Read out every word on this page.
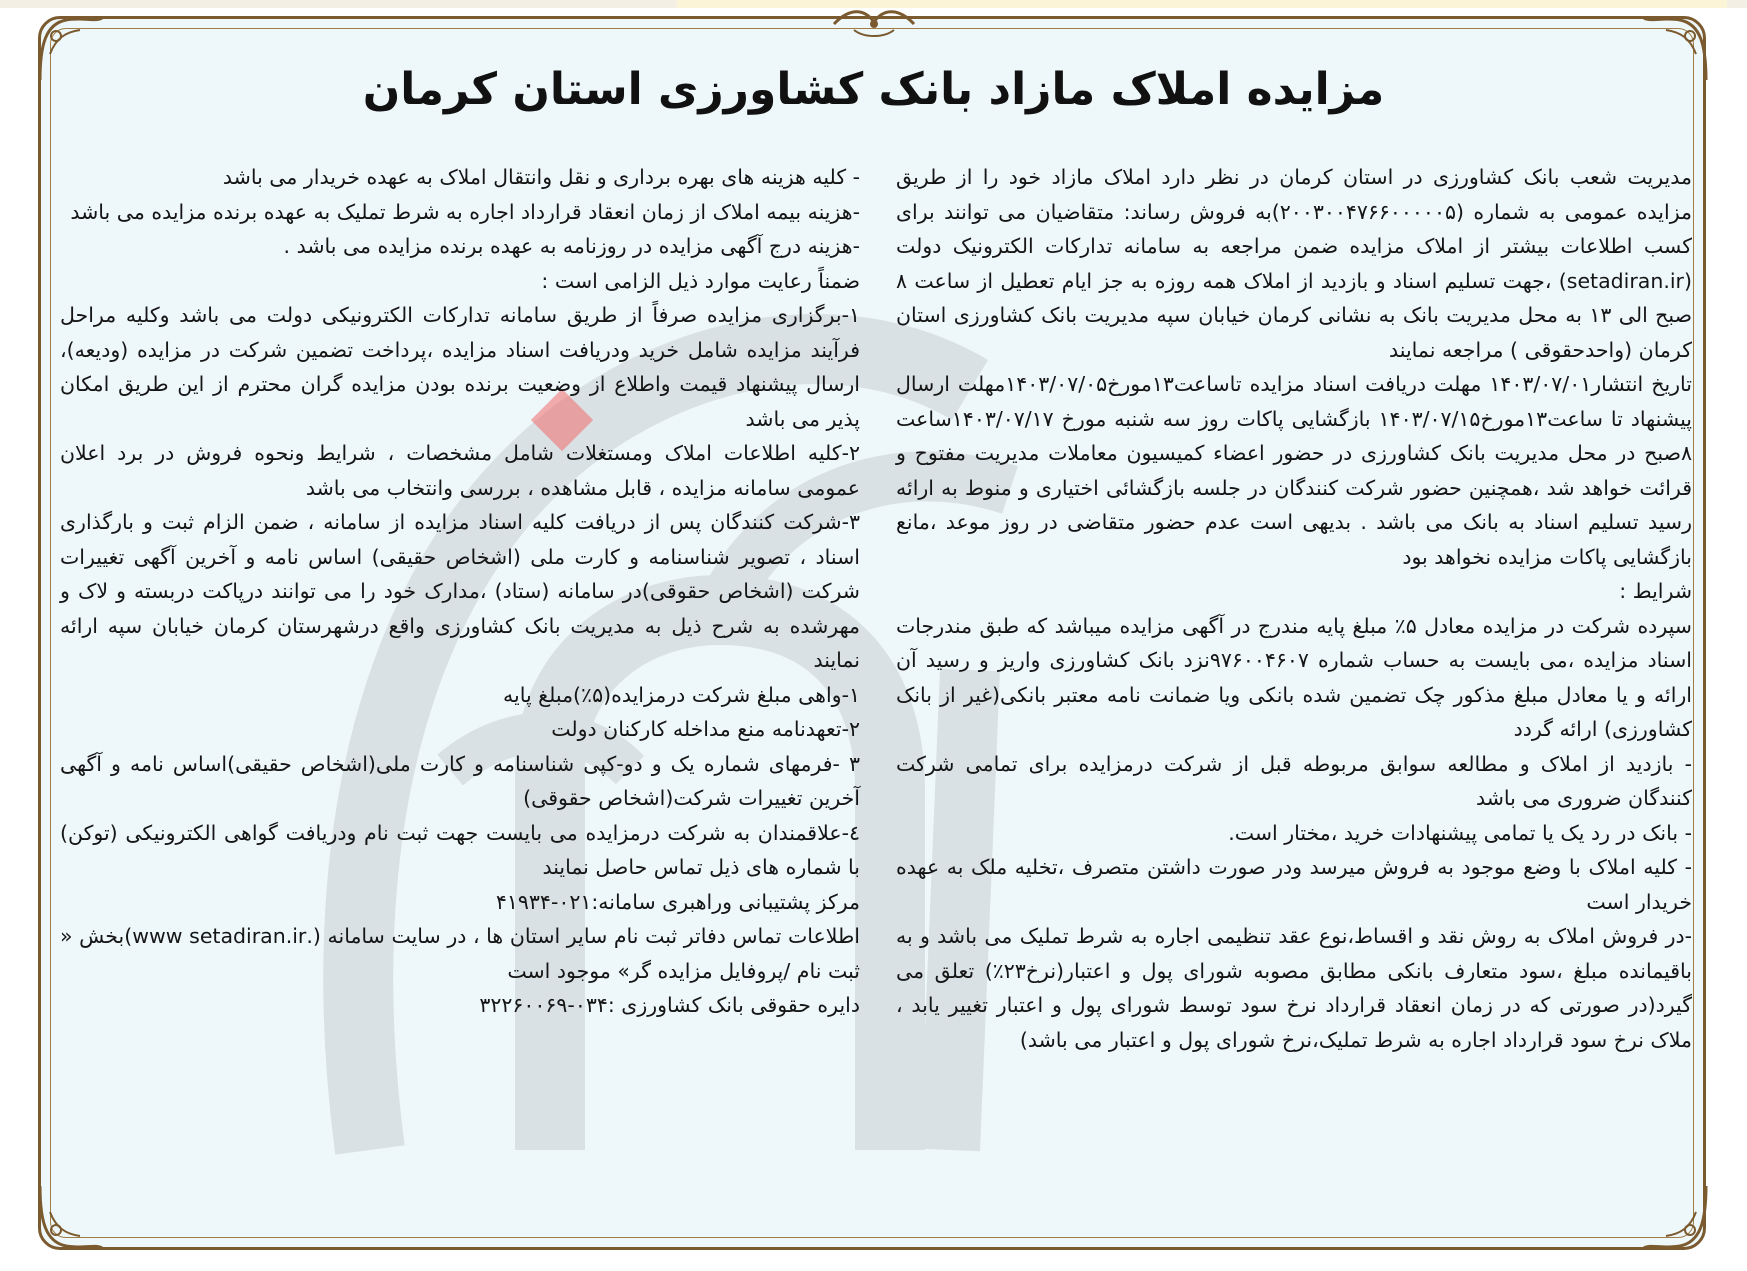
مزایده املاک مازاد بانک کشاورزی استان کرمان

مدیریت شعب بانک کشاورزی در استان کرمان در نظر دارد املاک مازاد خود را از طریق مزایده عمومی به شماره (۲۰۰۳۰۰۴۷۶۶۰۰۰۰۰۵)به فروش رساند: متقاضیان می توانند برای کسب اطلاعات بیشتر از املاک مزایده ضمن مراجعه به سامانه تدارکات الکترونیک دولت (setadiran.ir) ،جهت تسلیم اسناد و بازدید از املاک همه روزه به جز ایام تعطیل از ساعت ۸ صبح الی ۱۳ به محل مدیریت بانک به نشانی کرمان خیابان سپه مدیریت بانک کشاورزی استان کرمان (واحدحقوقی ) مراجعه نمایند

تاریخ انتشار۱۴۰۳/۰۷/۰۱ مهلت دریافت اسناد مزایده تاساعت۱۳مورخ۱۴۰۳/۰۷/۰۵مهلت ارسال پیشنهاد تا ساعت۱۳مورخ۱۴۰۳/۰۷/۱۵ بازگشایی پاکات روز سه شنبه مورخ ۱۴۰۳/۰۷/۱۷ساعت ۸صبح در محل مدیریت بانک کشاورزی در حضور اعضاء کمیسیون معاملات مدیریت مفتوح و قرائت خواهد شد ،همچنین حضور شرکت کنندگان در جلسه بازگشائی اختیاری و منوط به ارائه رسید تسلیم اسناد به بانک می باشد . بدیهی است عدم حضور متقاضی در روز موعد ،مانع بازگشایی پاکات مزایده نخواهد بود

شرایط :

سپرده شرکت در مزایده معادل ۵٪ مبلغ پایه مندرج در آگهی مزایده میباشد که طبق مندرجات اسناد مزایده ،می بایست به حساب شماره ۹۷۶۰۰۴۶۰۷نزد بانک کشاورزی واریز و رسید آن ارائه و یا معادل مبلغ مذکور چک تضمین شده بانکی ویا ضمانت نامه معتبر بانکی(غیر از بانک کشاورزی) ارائه گردد

- بازدید از املاک و مطالعه سوابق مربوطه قبل از شرکت درمزایده برای تمامی شرکت کنندگان ضروری می باشد

- بانک در رد یک یا تمامی پیشنهادات خرید ،مختار است.

- کلیه املاک با وضع موجود به فروش میرسد ودر صورت داشتن متصرف ،تخلیه ملک به عهده خریدار است

-در فروش املاک به روش نقد و اقساط،نوع عقد تنظیمی اجاره به شرط تملیک می باشد و به باقیمانده مبلغ ،سود متعارف بانکی مطابق مصوبه شورای پول و اعتبار(نرخ۲۳٪) تعلق می گیرد(در صورتی که در زمان انعقاد قرارداد نرخ سود توسط شورای پول و اعتبار تغییر یابد ، ملاک نرخ سود قرارداد اجاره به شرط تملیک،نرخ شورای پول و اعتبار می باشد)

- کلیه هزینه های بهره برداری و نقل وانتقال املاک به عهده خریدار می باشد

-هزینه بیمه املاک از زمان انعقاد قرارداد اجاره به شرط تملیک به عهده برنده مزایده می باشد

-هزینه درج آگهی مزایده در روزنامه به عهده برنده مزایده می باشد .

ضمناً رعایت موارد ذیل الزامی است :

۱-برگزاری مزایده صرفاً از طریق سامانه تدارکات الکترونیکی دولت می باشد وکلیه مراحل فرآیند مزایده شامل خرید ودریافت اسناد مزایده ،پرداخت تضمین شرکت در مزایده (ودیعه)، ارسال پیشنهاد قیمت واطلاع از وضعیت برنده بودن مزایده گران محترم از این طریق امکان پذیر می باشد

۲-کلیه اطلاعات املاک ومستغلات شامل مشخصات ، شرایط ونحوه فروش در برد اعلان عمومی سامانه مزایده ، قابل مشاهده ، بررسی وانتخاب می باشد

۳-شرکت کنندگان پس از دریافت کلیه اسناد مزایده از سامانه ، ضمن الزام ثبت و بارگذاری اسناد ، تصویر شناسنامه و کارت ملی (اشخاص حقیقی) اساس نامه و آخرین آگهی تغییرات شرکت (اشخاص حقوقی)در سامانه (ستاد) ،مدارک خود را می توانند درپاکت دربسته و لاک و مهرشده به شرح ذیل به مدیریت بانک کشاورزی واقع درشهرستان کرمان خیابان سپه ارائه نمایند

۱-واهی مبلغ شرکت درمزایده(۵٪)مبلغ پایه

۲-تعهدنامه منع مداخله کارکنان دولت

۳ -فرمهای شماره یک و دو-کپی شناسنامه و کارت ملی(اشخاص حقیقی)اساس نامه و آگهی آخرین تغییرات شرکت(اشخاص حقوقی)

٤-علاقمندان به شرکت درمزایده می بایست جهت ثبت نام ودریافت گواهی الکترونیکی (توکن) با شماره های ذیل تماس حاصل نمایند

مرکز پشتیبانی وراهبری سامانه:۰۲۱-۴۱۹۳۴

اطلاعات تماس دفاتر ثبت نام سایر استان ها ، در سایت سامانه (.www setadiran.ir)بخش « ثبت نام /پروفایل مزایده گر» موجود است

دایره حقوقی بانک کشاورزی :۰۳۴-۳۲۲۶۰۰۶۹
